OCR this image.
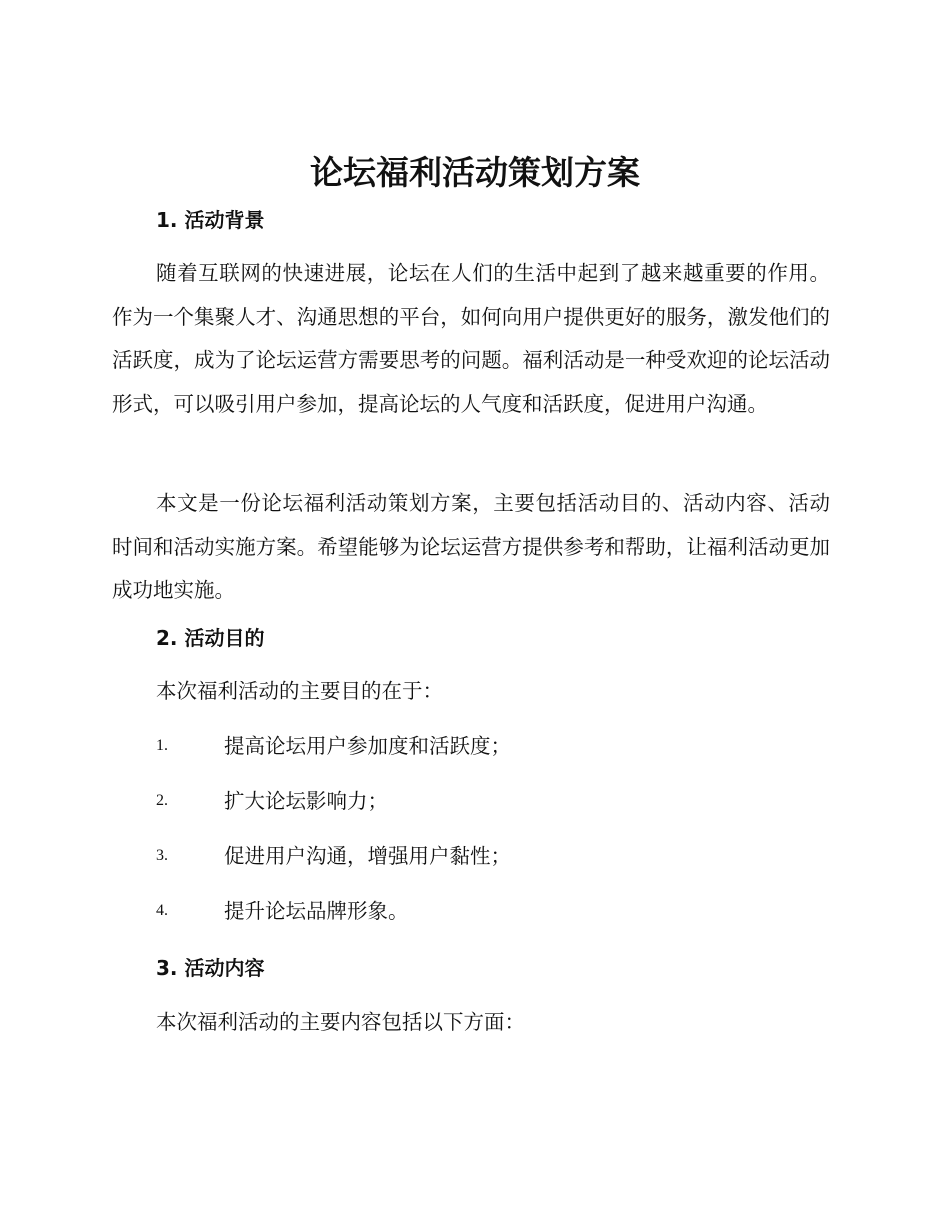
论坛福利活动策划方案
1. 活动背景
随着互联网的快速进展，论坛在人们的生活中起到了越来越重要的作用。作为一个集聚人才、沟通思想的平台，如何向用户提供更好的服务，激发他们的活跃度，成为了论坛运营方需要思考的问题。福利活动是一种受欢迎的论坛活动形式，可以吸引用户参加，提高论坛的人气度和活跃度，促进用户沟通。
本文是一份论坛福利活动策划方案，主要包括活动目的、活动内容、活动时间和活动实施方案。希望能够为论坛运营方提供参考和帮助，让福利活动更加成功地实施。
2. 活动目的
本次福利活动的主要目的在于：
1.	提高论坛用户参加度和活跃度；
2.	扩大论坛影响力；
3.	促进用户沟通，增强用户黏性；
4.	提升论坛品牌形象。
3. 活动内容
本次福利活动的主要内容包括以下方面：
